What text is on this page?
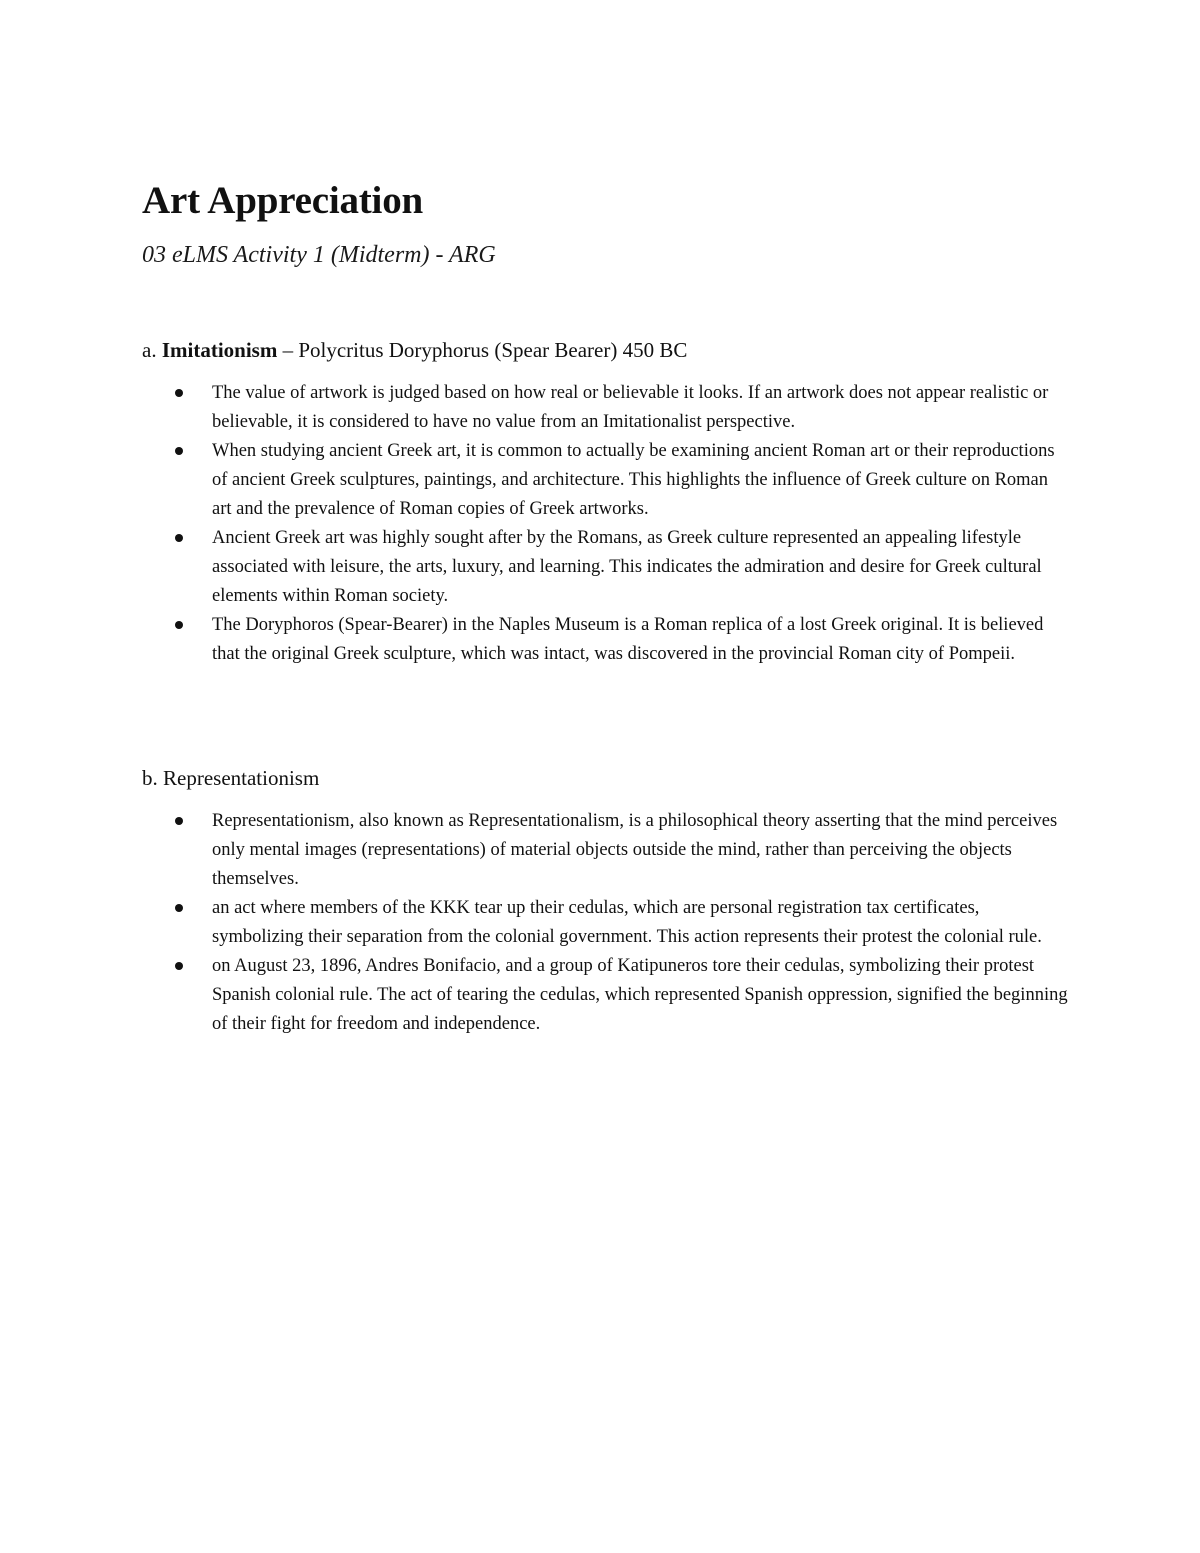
Art Appreciation

03 eLMS Activity 1 (Midterm) - ARG

a. Imitationism – Polycritus Doryphorus (Spear Bearer) 450 BC

The value of artwork is judged based on how real or believable it looks. If an artwork does not appear realistic or believable, it is considered to have no value from an Imitationalist perspective.
When studying ancient Greek art, it is common to actually be examining ancient Roman art or their reproductions of ancient Greek sculptures, paintings, and architecture. This highlights the influence of Greek culture on Roman art and the prevalence of Roman copies of Greek artworks.
Ancient Greek art was highly sought after by the Romans, as Greek culture represented an appealing lifestyle associated with leisure, the arts, luxury, and learning. This indicates the admiration and desire for Greek cultural elements within Roman society.
The Doryphoros (Spear-Bearer) in the Naples Museum is a Roman replica of a lost Greek original. It is believed that the original Greek sculpture, which was intact, was discovered in the provincial Roman city of Pompeii.

b. Representationism

Representationism, also known as Representationalism, is a philosophical theory asserting that the mind perceives only mental images (representations) of material objects outside the mind, rather than perceiving the objects themselves.
an act where members of the KKK tear up their cedulas, which are personal registration tax certificates, symbolizing their separation from the colonial government. This action represents their protest the colonial rule.
on August 23, 1896, Andres Bonifacio, and a group of Katipuneros tore their cedulas, symbolizing their protest Spanish colonial rule. The act of tearing the cedulas, which represented Spanish oppression, signified the beginning of their fight for freedom and independence.
